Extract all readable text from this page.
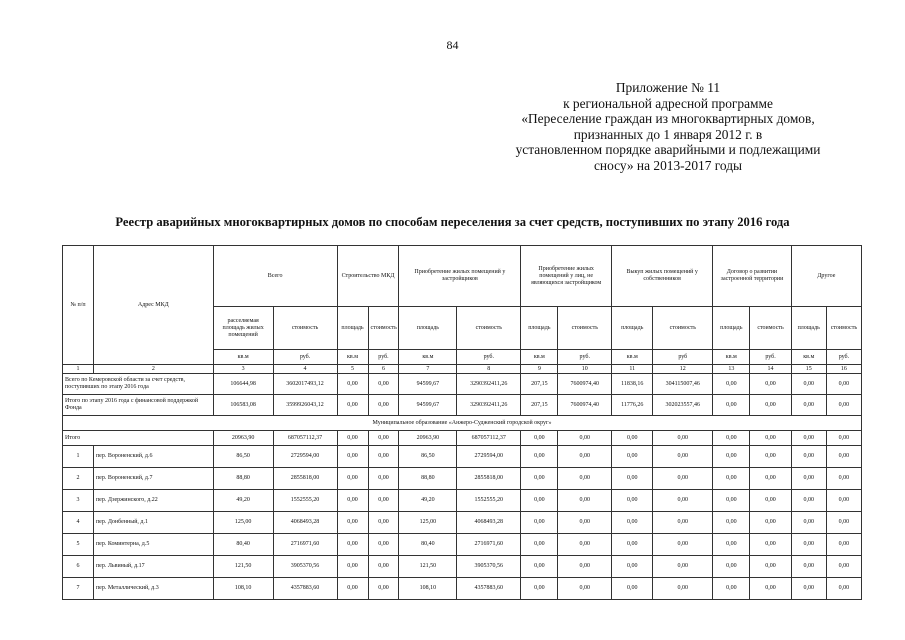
84
Приложение № 11
к региональной адресной программе
«Переселение граждан из многоквартирных домов,
признанных до 1 января 2012 г. в
установленном порядке аварийными и подлежащими
сносу» на 2013-2017 годы
Реестр аварийных многоквартирных домов по способам переселения за счет средств, поступивших по этапу 2016 года
№ п/п	Адрес МКД	Всего		Строительство МКД		Приобретение жилых помещений у застройщиков		Приобретение жилых помещений у лиц, не являющихся застройщиком		Выкуп жилых помещений у собственников		Договор о развитии застроенной территории		Другое	
		расселяемая площадь жилых помещений	стоимость	площадь	стоимость	площадь	стоимость	площадь	стоимость	площадь	стоимость	площадь	стоимость	площадь	стоимость
		кв.м	руб.	кв.м	руб.	кв.м	руб.	кв.м	руб.	кв.м	руб	кв.м	руб.	кв.м	руб.
1	2	3	4	5	6	7	8	9	10	11	12	13	14	15	16
Всего по Кемеровской области за счет средств, поступивших по этапу 2016 года		106644,98	3602017493,12	0,00	0,00	94599,67	3290392411,26	207,15	7600974,40	11838,16	304115007,46	0,00	0,00	0,00	0,00
Итого по этапу 2016 года с финансовой поддержкой Фонда		106583,08	3599926043,12	0,00	0,00	94599,67	3290392411,26	207,15	7600974,40	11776,26	302023557,46	0,00	0,00	0,00	0,00
Муниципальное образование «Анжеро-Судженский городской округ»															
Итого		20963,90	687057112,37	0,00	0,00	20963,90	687057112,37	0,00	0,00	0,00	0,00	0,00	0,00	0,00	0,00
1	пер. Вороненский, д.6	86,50	2729594,00	0,00	0,00	86,50	2729594,00	0,00	0,00	0,00	0,00	0,00	0,00	0,00	0,00
2	пер. Вороненский, д.7	88,80	2855818,00	0,00	0,00	88,80	2855818,00	0,00	0,00	0,00	0,00	0,00	0,00	0,00	0,00
3	пер. Дзержинского, д.22	49,20	1552555,20	0,00	0,00	49,20	1552555,20	0,00	0,00	0,00	0,00	0,00	0,00	0,00	0,00
4	пер. Донбенный, д.1	125,00	4068493,28	0,00	0,00	125,00	4068493,28	0,00	0,00	0,00	0,00	0,00	0,00	0,00	0,00
5	пер. Коминтерна, д.5	80,40	2716971,60	0,00	0,00	80,40	2716971,60	0,00	0,00	0,00	0,00	0,00	0,00	0,00	0,00
6	пер. Львиный, д.17	121,50	3905370,56	0,00	0,00	121,50	3905370,56	0,00	0,00	0,00	0,00	0,00	0,00	0,00	0,00
7	пер. Металлический, д.3	108,10	4357883,60	0,00	0,00	108,10	4357883,60	0,00	0,00	0,00	0,00	0,00	0,00	0,00	0,00
